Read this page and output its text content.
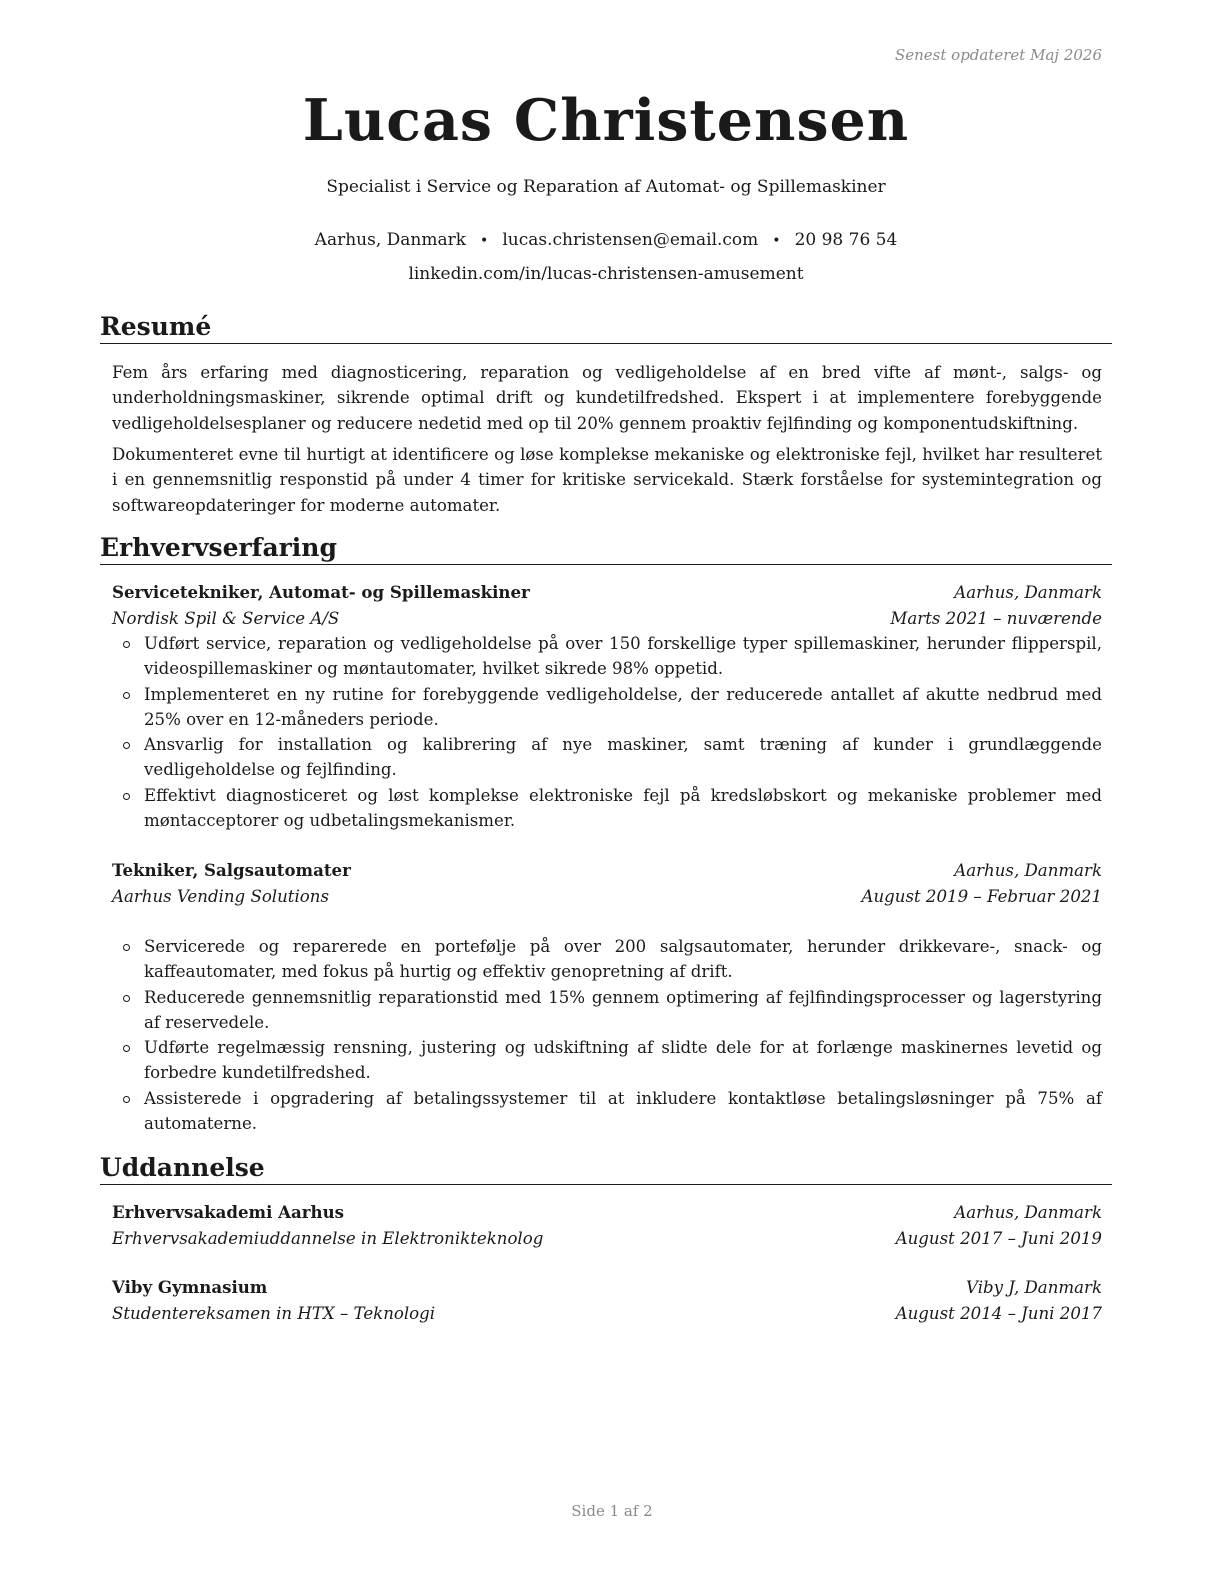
Senest opdateret Maj 2026
Lucas Christensen
Specialist i Service og Reparation af Automat- og Spillemaskiner
Aarhus, Danmark • lucas.christensen@email.com • 20 98 76 54
linkedin.com/in/lucas-christensen-amusement
Resumé
Fem års erfaring med diagnosticering, reparation og vedligeholdelse af en bred vifte af mønt-, salgs- og underholdningsmaskiner, sikrende optimal drift og kundetilfredshed. Ekspert i at implementere forebyggende vedligeholdelsesplaner og reducere nedetid med op til 20% gennem proaktiv fejlfinding og komponentudskiftning.
Dokumenteret evne til hurtigt at identificere og løse komplekse mekaniske og elektroniske fejl, hvilket har resulteret i en gennemsnitlig responstid på under 4 timer for kritiske servicekald. Stærk forståelse for systemintegration og softwareopdateringer for moderne automater.
Erhvervserfaring
Servicetekniker, Automat- og Spillemaskiner	Aarhus, Danmark
Nordisk Spil & Service A/S	Marts 2021 – nuværende
Udført service, reparation og vedligeholdelse på over 150 forskellige typer spillemaskiner, herunder flipperspil, videospillemaskiner og møntautomater, hvilket sikrede 98% oppetid.
Implementeret en ny rutine for forebyggende vedligeholdelse, der reducerede antallet af akutte nedbrud med 25% over en 12-måneders periode.
Ansvarlig for installation og kalibrering af nye maskiner, samt træning af kunder i grundlæggende vedligeholdelse og fejlfinding.
Effektivt diagnosticeret og løst komplekse elektroniske fejl på kredsløbskort og mekaniske problemer med møntacceptorer og udbetalingsmekanismer.
Tekniker, Salgsautomater	Aarhus, Danmark
Aarhus Vending Solutions	August 2019 – Februar 2021
Servicerede og reparerede en portefølje på over 200 salgsautomater, herunder drikkevare-, snack- og kaffeautomater, med fokus på hurtig og effektiv genopretning af drift.
Reducerede gennemsnitlig reparationstid med 15% gennem optimering af fejlfindingsprocesser og lagerstyring af reservedele.
Udførte regelmæssig rensning, justering og udskiftning af slidte dele for at forlænge maskinernes levetid og forbedre kundetilfredshed.
Assisterede i opgradering af betalingssystemer til at inkludere kontaktløse betalingsløsninger på 75% af automaterne.
Uddannelse
Erhvervsakademi Aarhus	Aarhus, Danmark
Erhvervsakademiuddannelse in Elektronikteknolog	August 2017 – Juni 2019
Viby Gymnasium	Viby J, Danmark
Studentereksamen in HTX – Teknologi	August 2014 – Juni 2017
Side 1 af 2
